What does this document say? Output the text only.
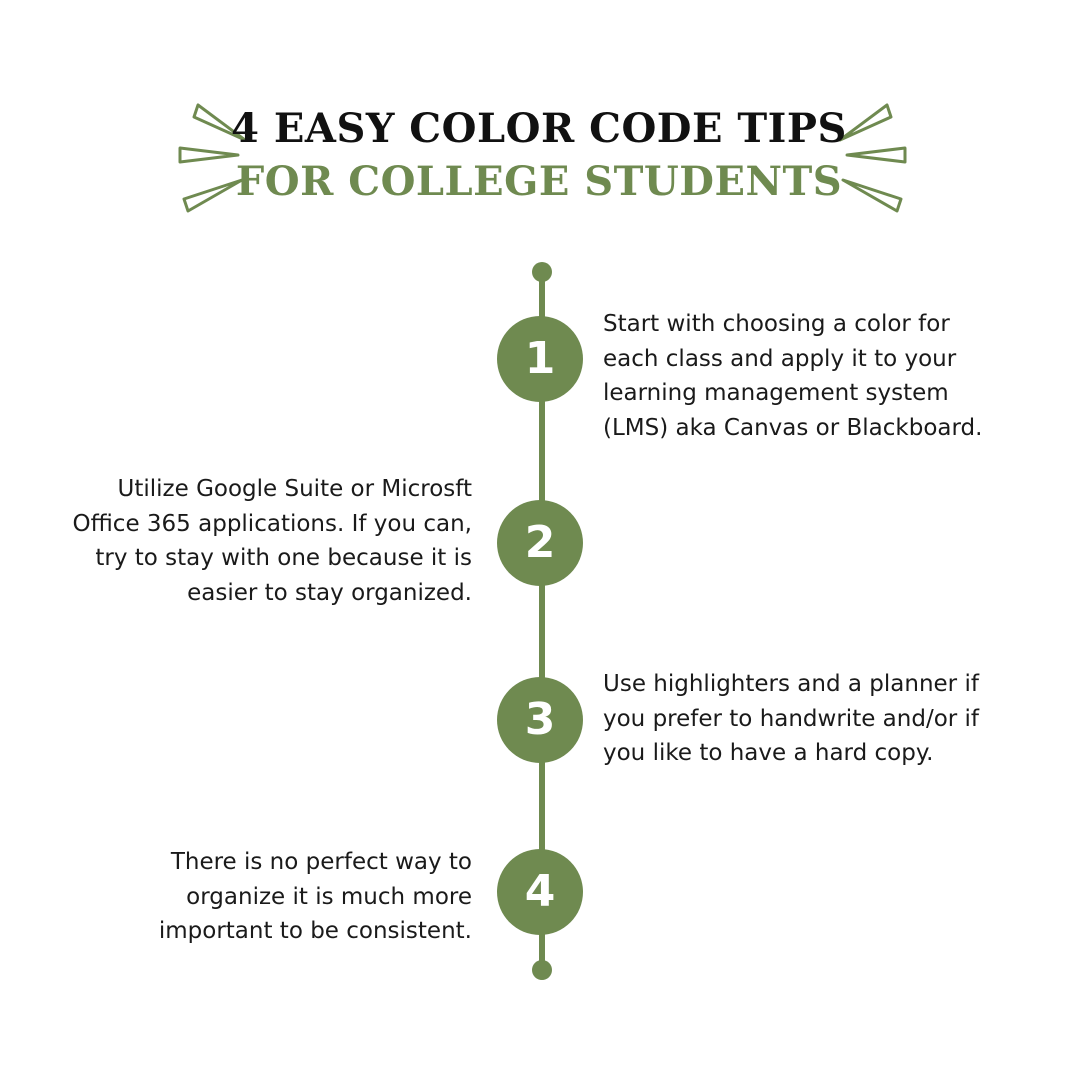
4 EASY COLOR CODE TIPS
FOR COLLEGE STUDENTS
1
2
3
4
Start with choosing a color for
each class and apply it to your
learning management system
(LMS) aka Canvas or Blackboard.
Utilize Google Suite or Microsft
Office 365 applications. If you can,
try to stay with one because it is
easier to stay organized.
Use highlighters and a planner if
you prefer to handwrite and/or if
you like to have a hard copy.
There is no perfect way to
organize it is much more
important to be consistent.
